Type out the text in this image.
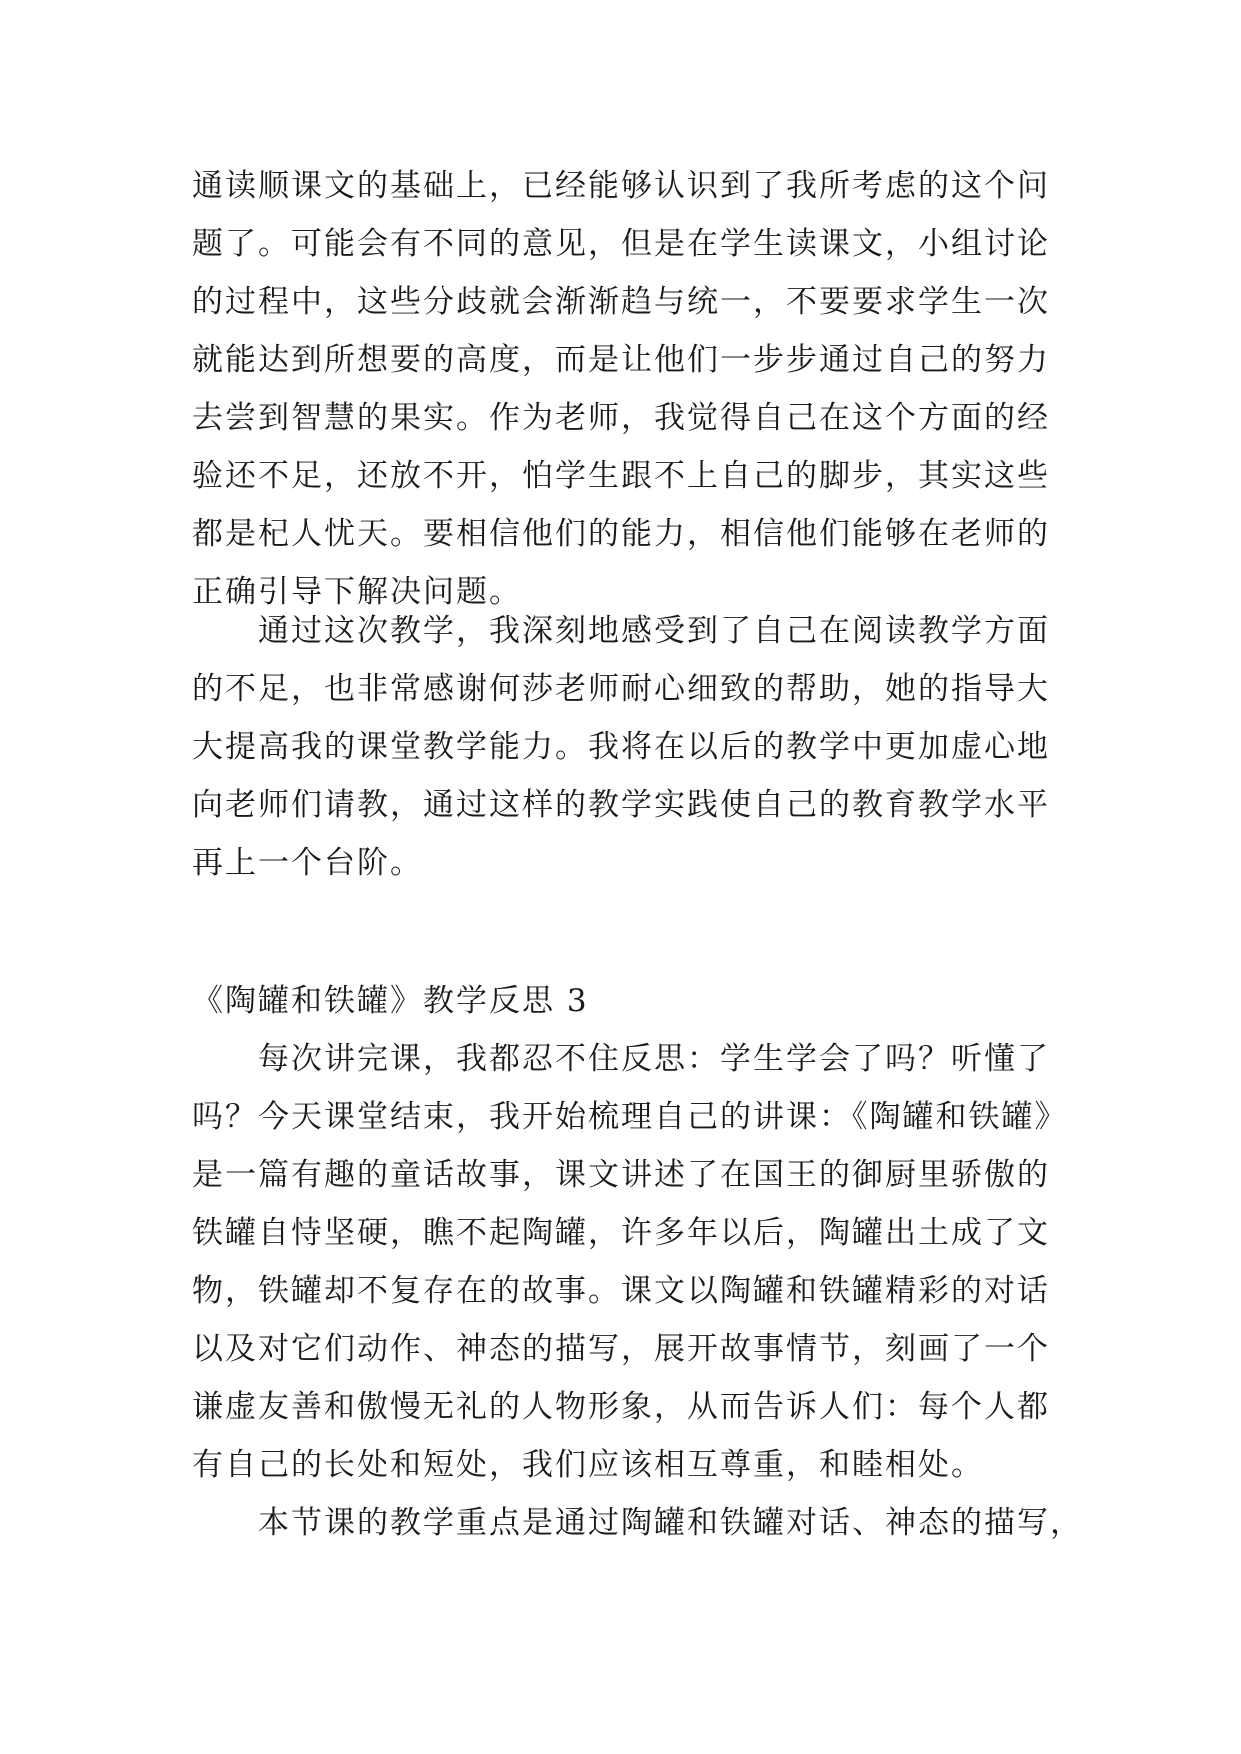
通读顺课文的基础上，已经能够认识到了我所考虑的这个问
题了。可能会有不同的意见，但是在学生读课文，小组讨论
的过程中，这些分歧就会渐渐趋与统一，不要要求学生一次
就能达到所想要的高度，而是让他们一步步通过自己的努力
去尝到智慧的果实。作为老师，我觉得自己在这个方面的经
验还不足，还放不开，怕学生跟不上自己的脚步，其实这些
都是杞人忧天。要相信他们的能力，相信他们能够在老师的
正确引导下解决问题。
通过这次教学，我深刻地感受到了自己在阅读教学方面
的不足，也非常感谢何莎老师耐心细致的帮助，她的指导大
大提高我的课堂教学能力。我将在以后的教学中更加虚心地
向老师们请教，通过这样的教学实践使自己的教育教学水平
再上一个台阶。
《陶罐和铁罐》教学反思 3
每次讲完课，我都忍不住反思：学生学会了吗？听懂了
吗？今天课堂结束，我开始梳理自己的讲课：《陶罐和铁罐》
是一篇有趣的童话故事，课文讲述了在国王的御厨里骄傲的
铁罐自恃坚硬，瞧不起陶罐，许多年以后，陶罐出土成了文
物，铁罐却不复存在的故事。课文以陶罐和铁罐精彩的对话
以及对它们动作、神态的描写，展开故事情节，刻画了一个
谦虚友善和傲慢无礼的人物形象，从而告诉人们：每个人都
有自己的长处和短处，我们应该相互尊重，和睦相处。
本节课的教学重点是通过陶罐和铁罐对话、神态的描写，
